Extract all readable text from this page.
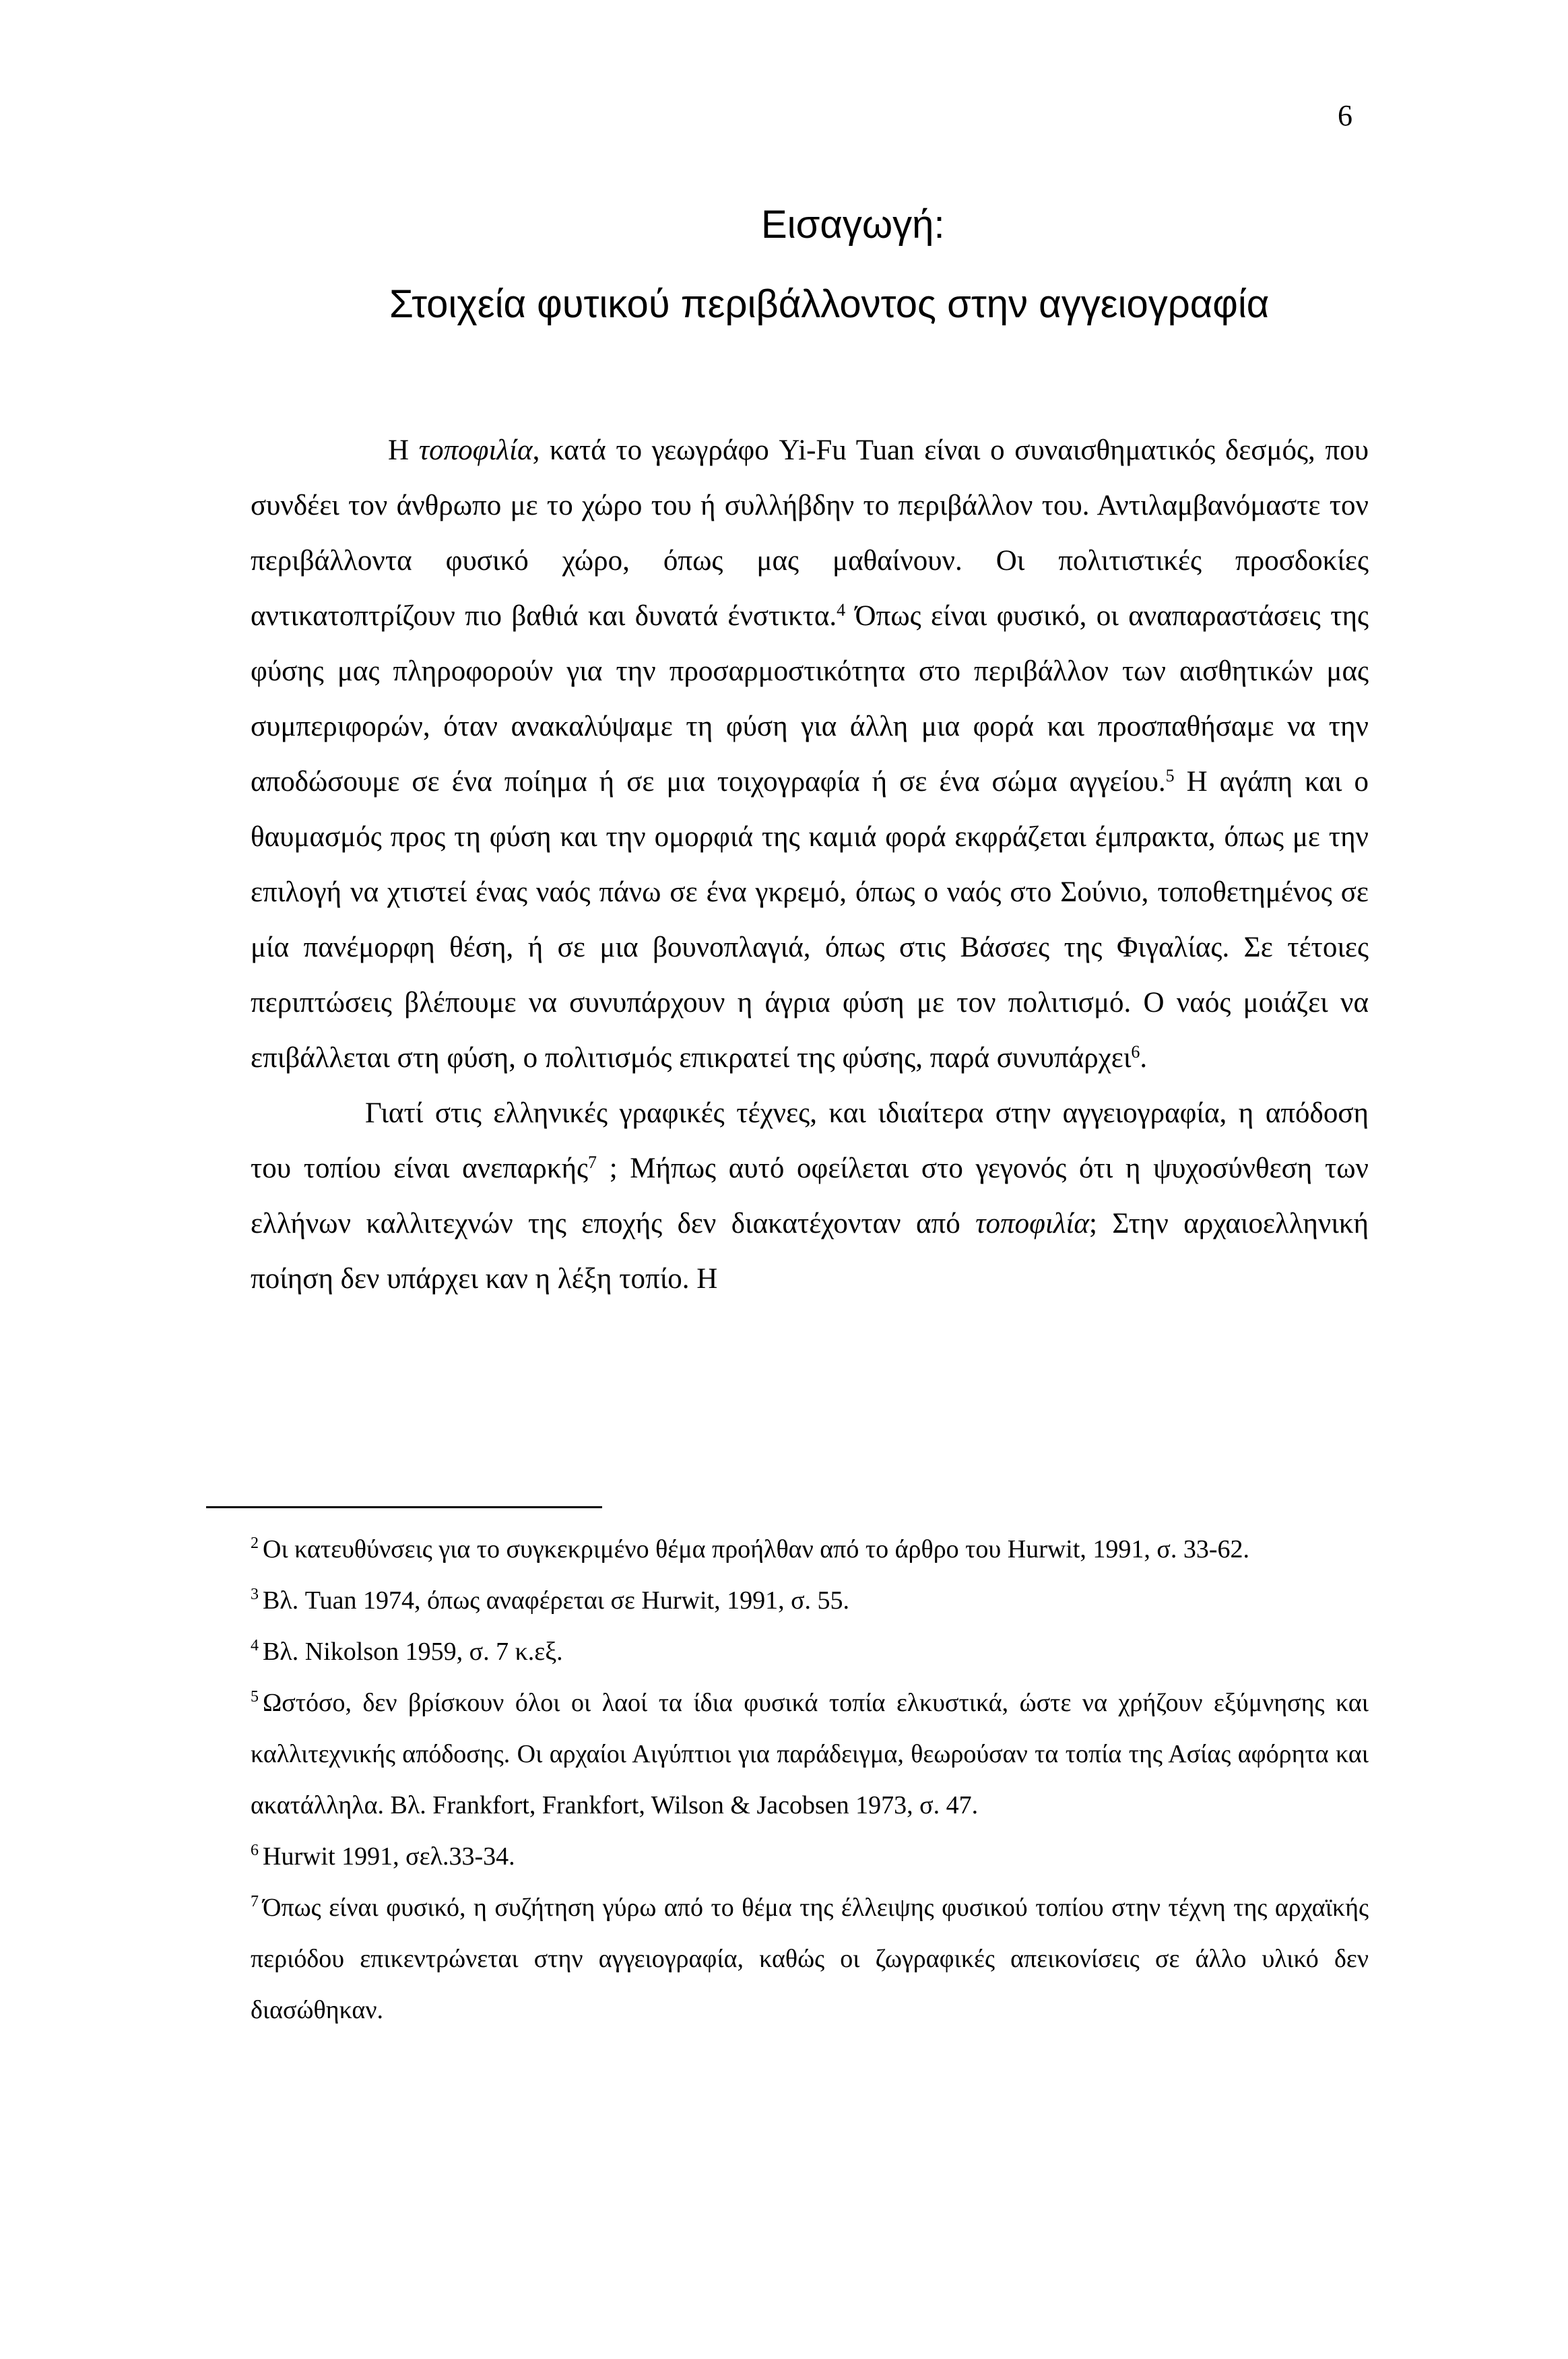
6
Εισαγωγή:
Στοιχεία φυτικού περιβάλλοντος στην αγγειογραφία

Η τοποφιλία, κατά το γεωγράφο Yi-Fu Tuan είναι ο συναισθηματικός δεσμός, που συνδέει τον άνθρωπο με το χώρο του ή συλλήβδην το περιβάλλον του. Αντιλαμβανόμαστε τον περιβάλλοντα φυσικό χώρο, όπως μας μαθαίνουν. Οι πολιτιστικές προσδοκίες αντικατοπτρίζουν πιο βαθιά και δυνατά ένστικτα.$^4$ Όπως είναι φυσικό, οι αναπαραστάσεις της φύσης μας πληροφορούν για την προσαρμοστικότητα στο περιβάλλον των αισθητικών μας συμπεριφορών, όταν ανακαλύψαμε τη φύση για άλλη μια φορά και προσπαθήσαμε να την αποδώσουμε σε ένα ποίημα ή σε μια τοιχογραφία ή σε ένα σώμα αγγείου.$^5$ Η αγάπη και ο θαυμασμός προς τη φύση και την ομορφιά της καμιά φορά εκφράζεται έμπρακτα, όπως με την επιλογή να χτιστεί ένας ναός πάνω σε ένα γκρεμό, όπως ο ναός στο Σούνιο, τοποθετημένος σε μία πανέμορφη θέση, ή σε μια βουνοπλαγιά, όπως στις Βάσσες της Φιγαλίας. Σε τέτοιες περιπτώσεις βλέπουμε να συνυπάρχουν η άγρια φύση με τον πολιτισμό. Ο ναός μοιάζει να επιβάλλεται στη φύση, ο πολιτισμός επικρατεί της φύσης, παρά συνυπάρχει$^6$.

Γιατί στις ελληνικές γραφικές τέχνες, και ιδιαίτερα στην αγγειογραφία, η απόδοση του τοπίου είναι ανεπαρκής$^7$ ; Μήπως αυτό οφείλεται στο γεγονός ότι η ψυχοσύνθεση των ελλήνων καλλιτεχνών της εποχής δεν διακατέχονταν από τοποφιλία; Στην αρχαιοελληνική ποίηση δεν υπάρχει καν η λέξη τοπίο. Η

$^2$ Οι κατευθύνσεις για το συγκεκριμένο θέμα προήλθαν από το άρθρο του Hurwit, 1991, σ. 33-62.

$^3$ Βλ. Tuan 1974, όπως αναφέρεται σε Hurwit, 1991, σ. 55.

$^4$ Βλ. Nikolson 1959, σ. 7 κ.εξ.

$^5$ Ωστόσο, δεν βρίσκουν όλοι οι λαοί τα ίδια φυσικά τοπία ελκυστικά, ώστε να χρήζουν εξύμνησης και καλλιτεχνικής απόδοσης. Οι αρχαίοι Αιγύπτιοι για παράδειγμα, θεωρούσαν τα τοπία της Ασίας αφόρητα και ακατάλληλα. Βλ. Frankfort, Frankfort, Wilson & Jacobsen 1973, σ. 47.

$^6$ Hurwit 1991, σελ.33-34.

$^7$ Όπως είναι φυσικό, η συζήτηση γύρω από το θέμα της έλλειψης φυσικού τοπίου στην τέχνη της αρχαϊκής περιόδου επικεντρώνεται στην αγγειογραφία, καθώς οι ζωγραφικές απεικονίσεις σε άλλο υλικό δεν διασώθηκαν.
